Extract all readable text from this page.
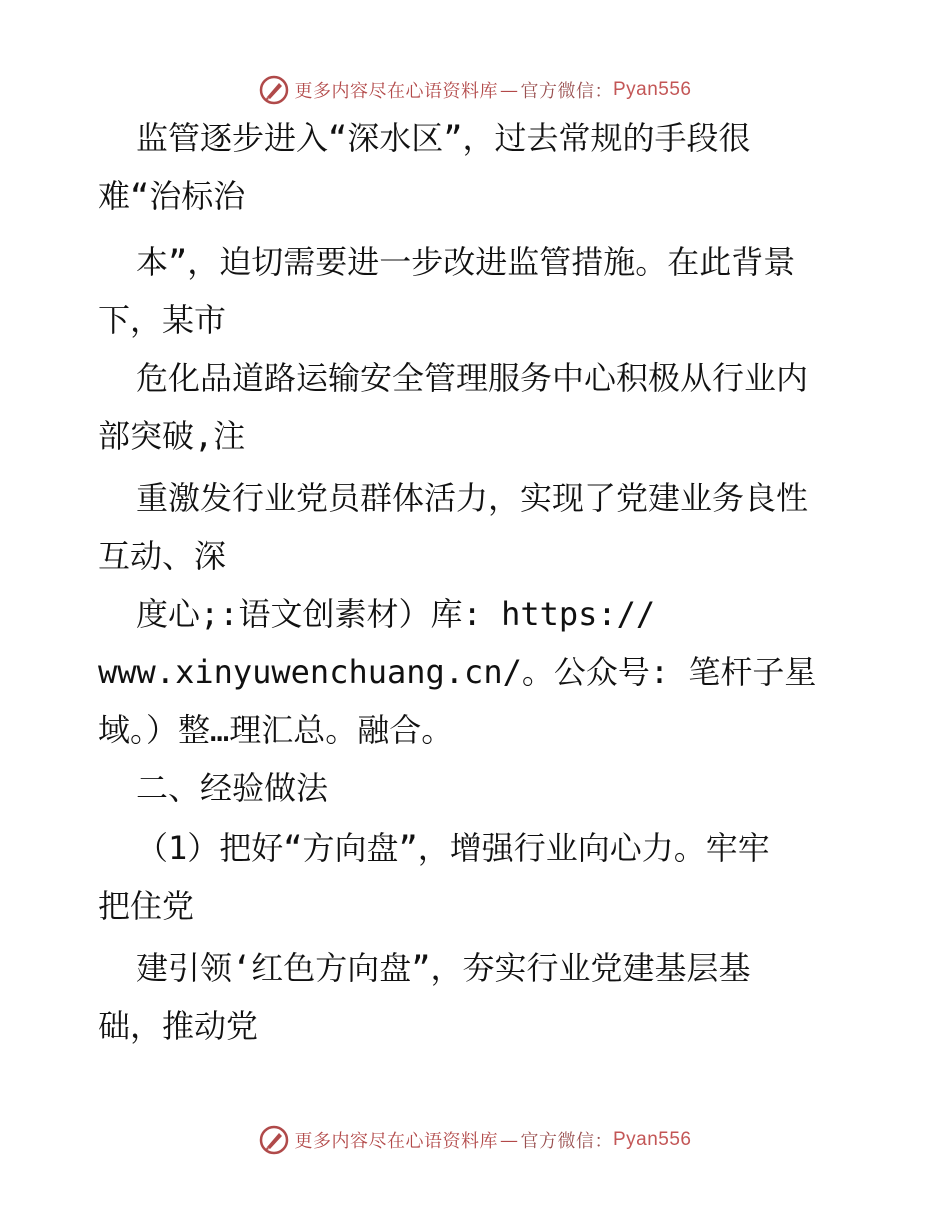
更多内容尽在心语资料库 — 官方微信： Pyan556
监管逐步进入“深水区”，过去常规的手段很
难“治标治
本”，迫切需要进一步改进监管措施。在此背景
下，某市
危化品道路运输安全管理服务中心积极从行业内
部突破,注
重激发行业党员群体活力，实现了党建业务良性
互动、深
度心;:语文创素材）库: https://
www.xinyuwenchuang.cn/。公众号: 笔杆子星
域。）整…理汇总。融合。
二、经验做法
（1）把好“方向盘”，增强行业向心力。牢牢
把住党
建引领‘红色方向盘”，夯实行业党建基层基
础，推动党
更多内容尽在心语资料库 — 官方微信： Pyan556
